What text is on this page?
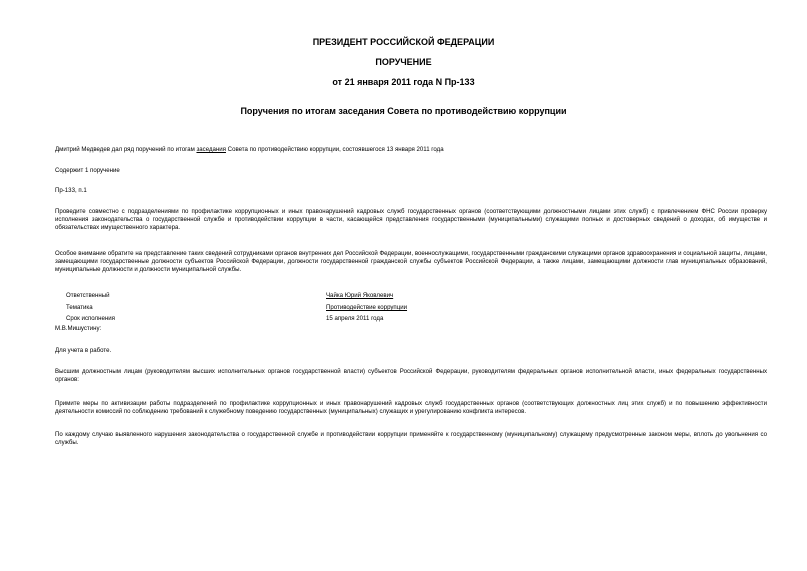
ПРЕЗИДЕНТ РОССИЙСКОЙ ФЕДЕРАЦИИ
ПОРУЧЕНИЕ
от 21 января 2011 года N Пр-133
Поручения по итогам заседания Совета по противодействию коррупции
Дмитрий Медведев дал ряд поручений по итогам заседания Совета по противодействию коррупции, состоявшегося 13 января 2011 года
Содержит 1 поручение
Пр-133, п.1
Проведите совместно с подразделениями по профилактике коррупционных и иных правонарушений кадровых служб государственных органов (соответствующими должностными лицами этих служб) с привлечением ФНС России проверку исполнения законодательства о государственной службе и противодействии коррупции в части, касающейся представления государственными (муниципальными) служащими полных и достоверных сведений о доходах, об имуществе и обязательствах имущественного характера.
Особое внимание обратите на представление таких сведений сотрудниками органов внутренних дел Российской Федерации, военнослужащими, государственными гражданскими служащими органов здравоохранения и социальной защиты, лицами, замещающими государственные должности субъектов Российской Федерации, должности государственной гражданской службы субъектов Российской Федерации, а также лицами, замещающими должности глав муниципальных образований, муниципальные должности и должности муниципальной службы.
Ответственный	Чайка Юрий Яковлевич
Тематика	Противодействие коррупции
Срок исполнения	15 апреля 2011 года
М.В.Мишустину:
Для учета в работе.
Высшим должностным лицам (руководителям высших исполнительных органов государственной власти) субъектов Российской Федерации, руководителям федеральных органов исполнительной власти, иных федеральных государственных органов:
Примите меры по активизации работы подразделений по профилактике коррупционных и иных правонарушений кадровых служб государственных органов (соответствующих должностных лиц этих служб) и по повышению эффективности деятельности комиссий по соблюдению требований к служебному поведению государственных (муниципальных) служащих и урегулированию конфликта интересов.
По каждому случаю выявленного нарушения законодательства о государственной службе и противодействии коррупции применяйте к государственному (муниципальному) служащему предусмотренные законом меры, вплоть до увольнения со службы.
